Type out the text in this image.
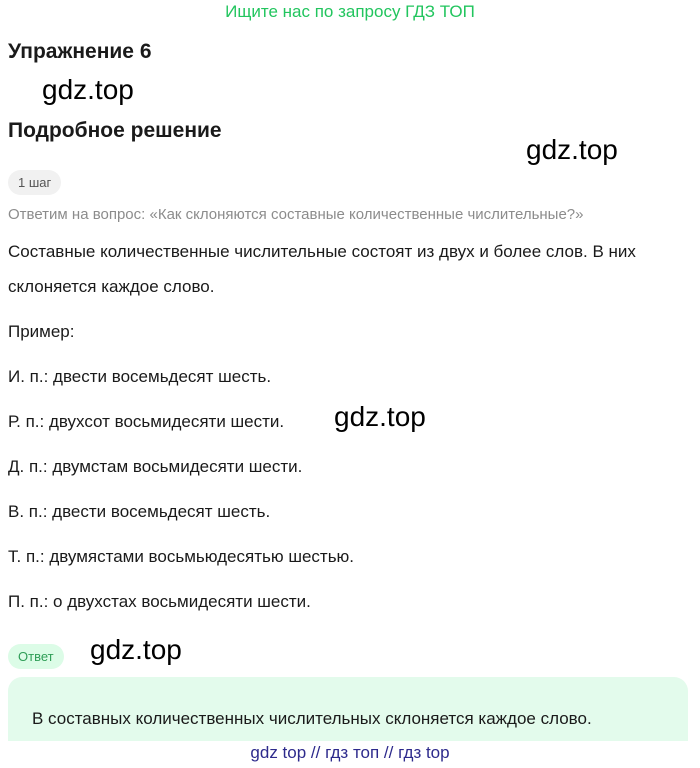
Ищите нас по запросу ГДЗ ТОП
Упражнение 6
gdz.top
Подробное решение
gdz.top
1 шаг
Ответим на вопрос: «Как склоняются составные количественные числительные?»
Составные количественные числительные состоят из двух и более слов. В них
склоняется каждое слово.
Пример:
И. п.: двести восемьдесят шесть.
Р. п.: двухсот восьмидесяти шести. gdz.top
Д. п.: двумстам восьмидесяти шести.
В. п.: двести восемьдесят шесть.
Т. п.: двумястами восьмьюдесятью шестью.
П. п.: о двухстах восьмидесяти шести.
Ответ	gdz.top
В составных количественных числительных склоняется каждое слово.
gdz top // гдз топ // гдз top
